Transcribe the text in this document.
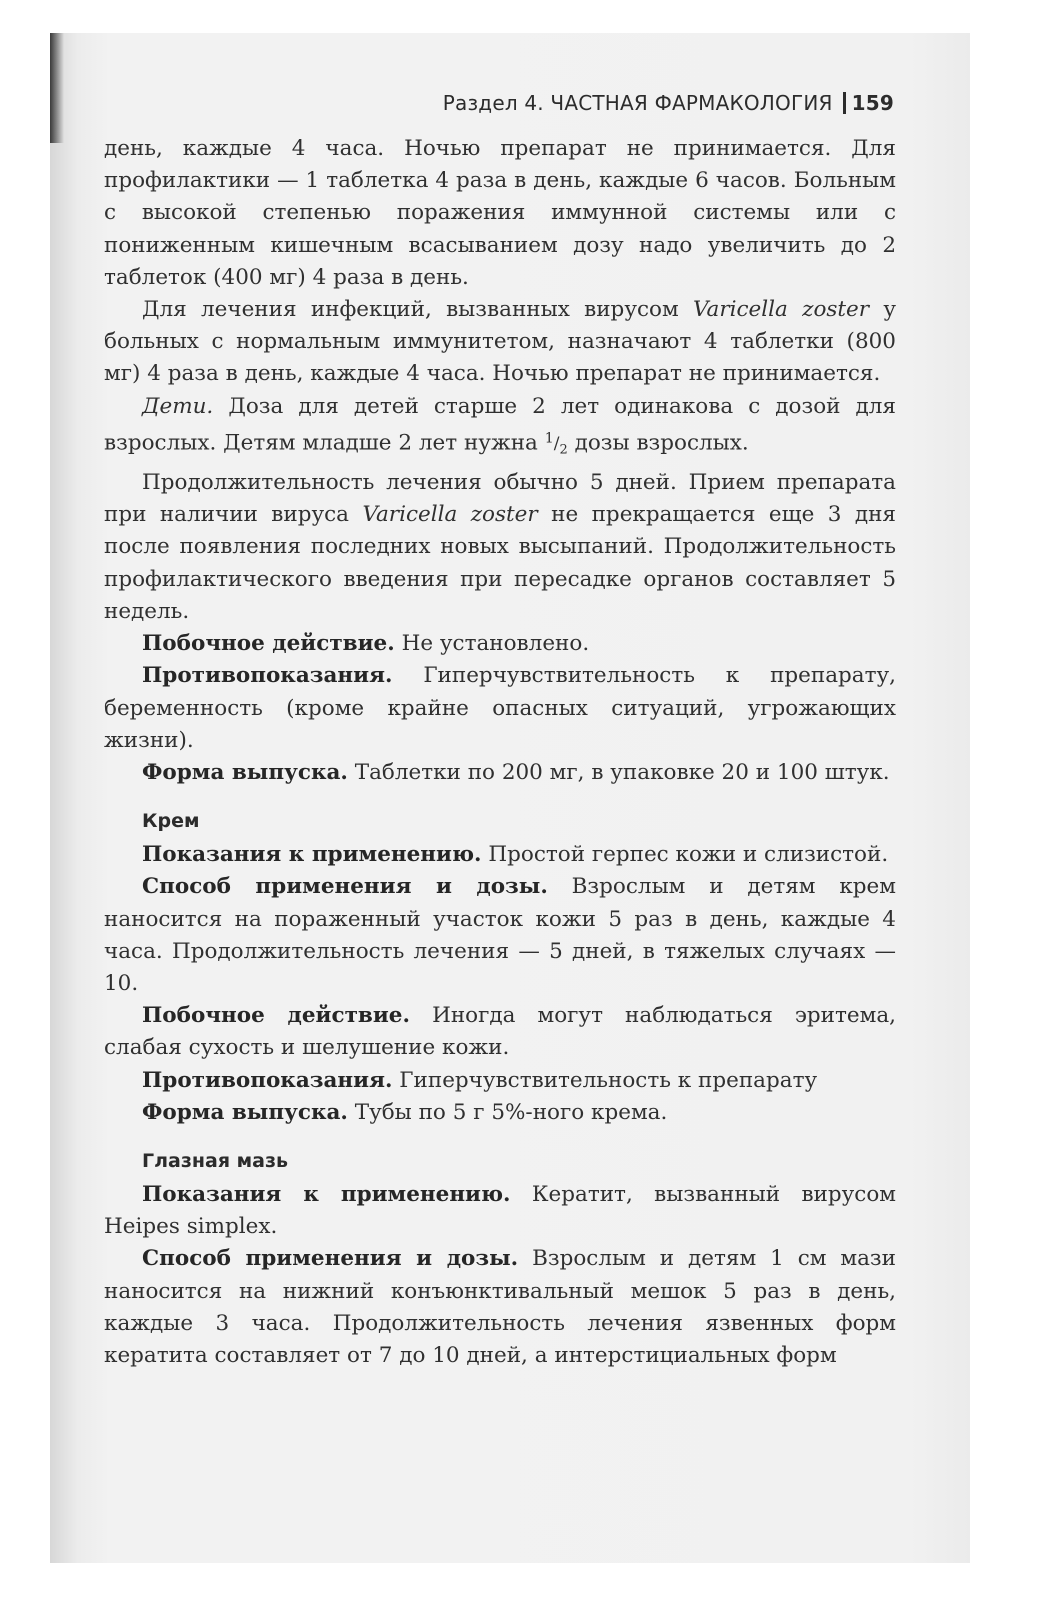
Раздел 4. ЧАСТНАЯ ФАРМАКОЛОГИЯ 159

день, каждые 4 часа. Ночью препарат не принимается. Для профилактики — 1 таблетка 4 раза в день, каждые 6 часов. Больным с высокой степенью поражения иммунной системы или с пониженным кишечным всасыванием дозу надо увеличить до 2 таблеток (400 мг) 4 раза в день.

Для лечения инфекций, вызванных вирусом Varicella zoster у больных с нормальным иммунитетом, назначают 4 таблетки (800 мг) 4 раза в день, каждые 4 часа. Ночью препарат не принимается.

Дети. Доза для детей старше 2 лет одинакова с дозой для взрослых. Детям младше 2 лет нужна $^1/_2$ дозы взрослых.

Продолжительность лечения обычно 5 дней. Прием препарата при наличии вируса Varicella zoster не прекращается еще 3 дня после появления последних новых высыпаний. Продолжительность профилактического введения при пересадке органов составляет 5    недель.

Побочное действие. Не установлено.

Противопоказания. Гиперчувствительность к препарату, беременность (кроме крайне опасных ситуаций, угрожающих жизни).

Форма выпуска. Таблетки по 200 мг, в упаковке 20 и 100 штук.

Крем

Показания к применению. Простой герпес кожи и слизистой.

Способ применения и дозы. Взрослым и детям крем наносится на пораженный участок кожи 5 раз в день, каждые 4 часа. Продолжительность лечения — 5 дней, в тяжелых случаях — 10.

Побочное действие. Иногда могут наблюдаться эритема, слабая сухость и шелушение кожи.

Противопоказания. Гиперчувствительность к препарату

Форма выпуска. Тубы по 5 г 5%-ного крема.

Глазная мазь

Показания к применению. Кератит, вызванный вирусом Heipes simplex.

Способ применения и дозы. Взрослым и детям 1 см мази наносится на нижний конъюнктивальный мешок 5 раз в день, каждые 3 часа. Продолжительность лечения язвенных форм кератита составляет от 7 до 10 дней, а интерстициальных форм
